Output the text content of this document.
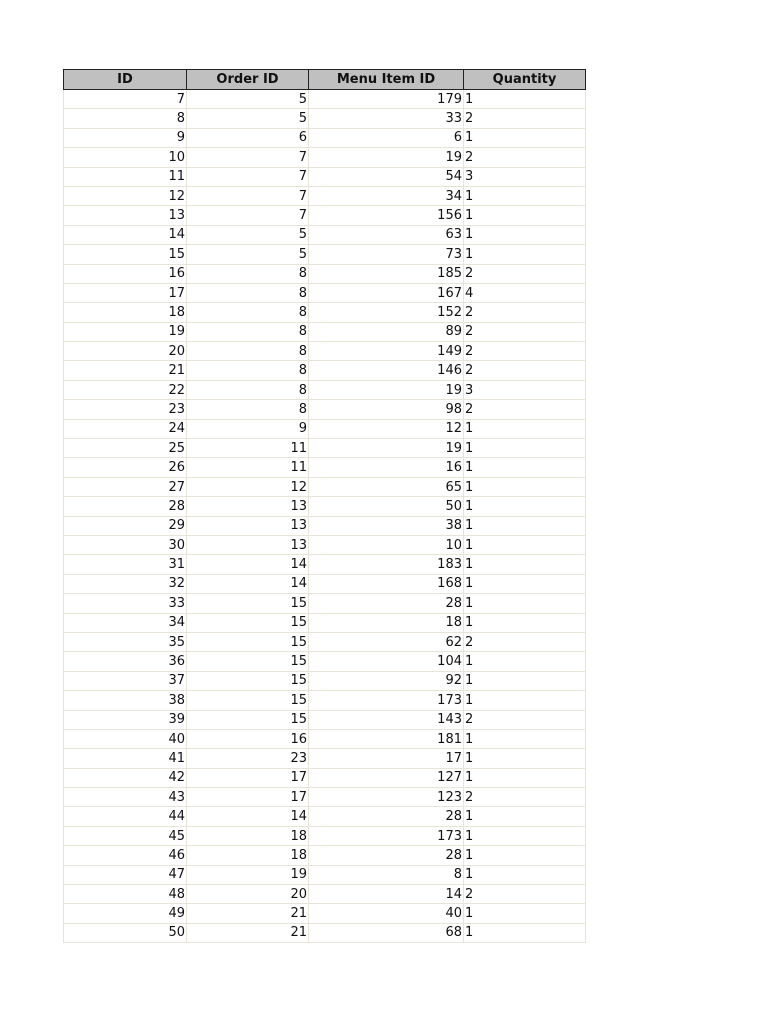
ID	Order ID	Menu Item ID	Quantity
7	5	179	1
8	5	33	2
9	6	6	1
10	7	19	2
11	7	54	3
12	7	34	1
13	7	156	1
14	5	63	1
15	5	73	1
16	8	185	2
17	8	167	4
18	8	152	2
19	8	89	2
20	8	149	2
21	8	146	2
22	8	19	3
23	8	98	2
24	9	12	1
25	11	19	1
26	11	16	1
27	12	65	1
28	13	50	1
29	13	38	1
30	13	10	1
31	14	183	1
32	14	168	1
33	15	28	1
34	15	18	1
35	15	62	2
36	15	104	1
37	15	92	1
38	15	173	1
39	15	143	2
40	16	181	1
41	23	17	1
42	17	127	1
43	17	123	2
44	14	28	1
45	18	173	1
46	18	28	1
47	19	8	1
48	20	14	2
49	21	40	1
50	21	68	1
